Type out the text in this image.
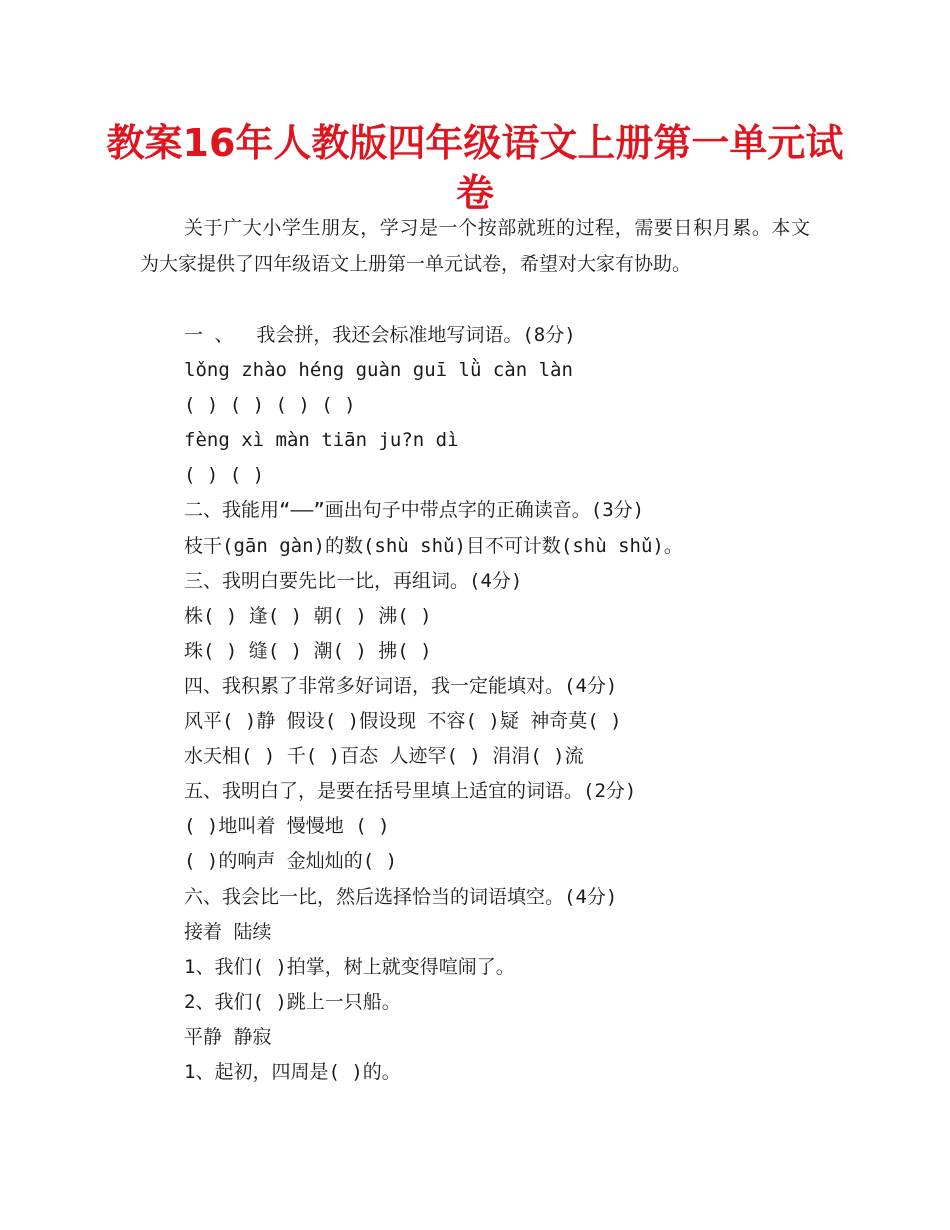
教案16年人教版四年级语文上册第一单元试卷

关于广大小学生朋友，学习是一个按部就班的过程，需要日积月累。本文为大家提供了四年级语文上册第一单元试卷，希望对大家有协助。

一 、  我会拼，我还会标准地写词语。(8分)
lǒng zhào héng guàn guī lǜ càn làn
( ) ( ) ( ) ( )
fèng xì màn tiān ju?n dì
( ) ( )
二、我能用“——”画出句子中带点字的正确读音。(3分)
枝干(gān gàn)的数(shù shǔ)目不可计数(shù shǔ)。
三、我明白要先比一比，再组词。(4分)
株( ) 逢( ) 朝( ) 沸( )
珠( ) 缝( ) 潮( ) 拂( )
四、我积累了非常多好词语，我一定能填对。(4分)
风平( )静 假设( )假设现 不容( )疑 神奇莫( )
水天相( ) 千( )百态 人迹罕( ) 涓涓( )流
五、我明白了，是要在括号里填上适宜的词语。(2分)
( )地叫着 慢慢地 ( )
( )的响声 金灿灿的( )
六、我会比一比，然后选择恰当的词语填空。(4分)
接着 陆续
1、我们( )拍掌，树上就变得喧闹了。
2、我们( )跳上一只船。
平静 静寂
1、起初，四周是( )的。
